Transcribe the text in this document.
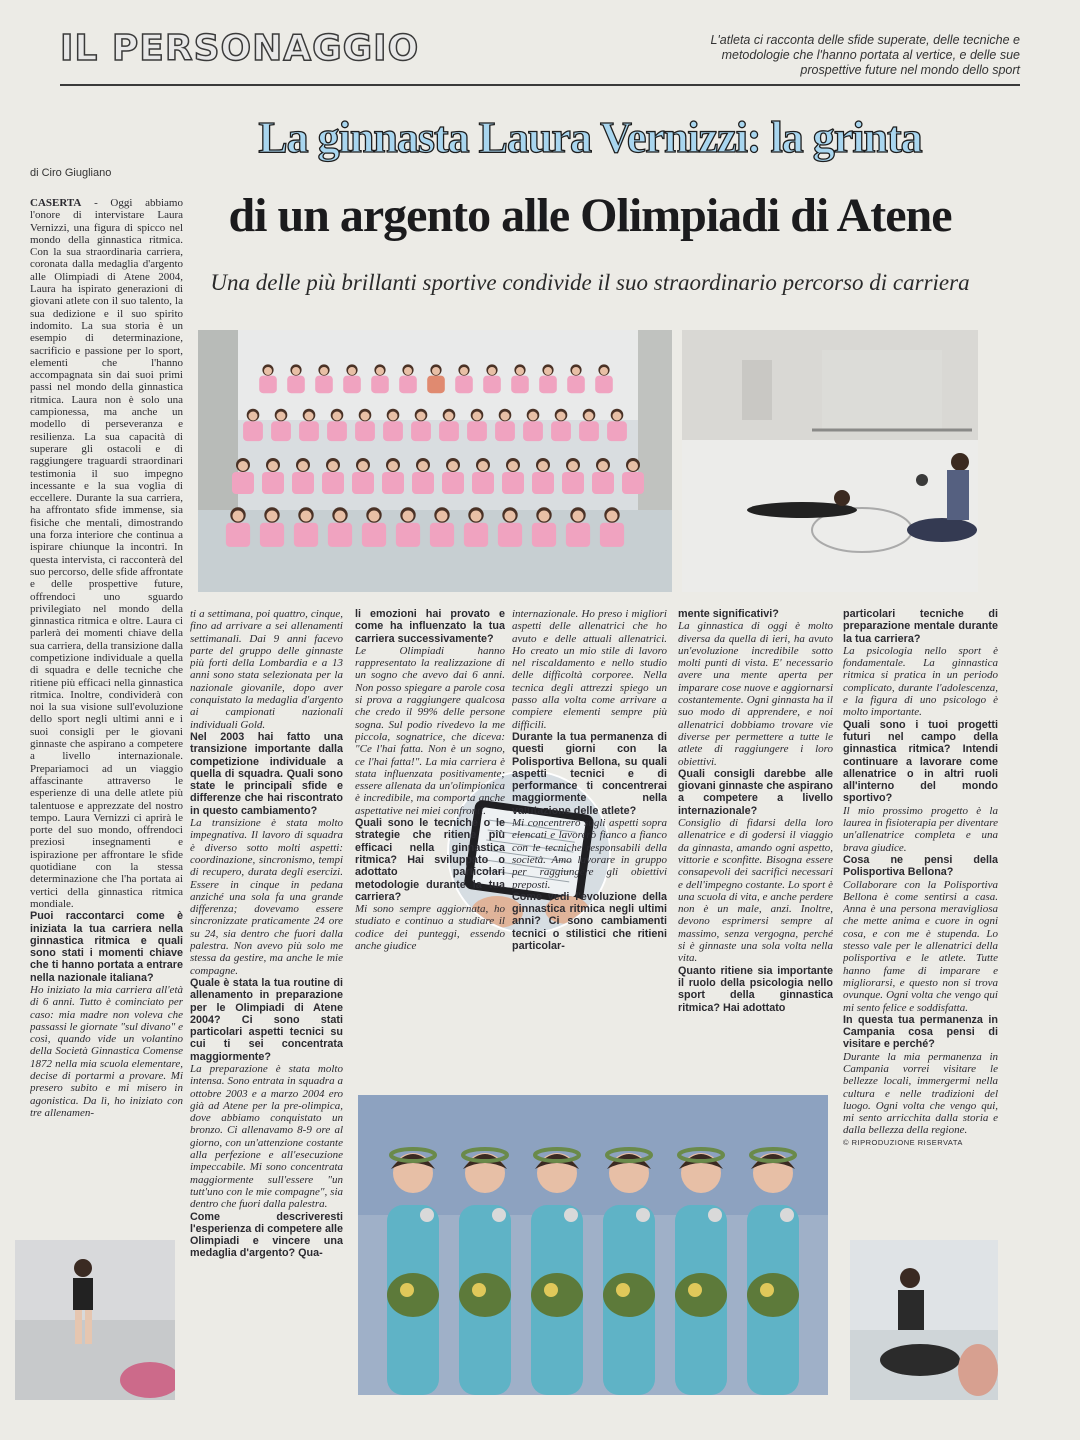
IL PERSONAGGIO	L'atleta ci racconta delle sfide superate, delle tecniche e metodologie che l'hanno portata al vertice, e delle sue prospettive future nel mondo dello sport
di Ciro Giugliano
La ginnasta Laura Vernizzi: la grinta
di un argento alle Olimpiadi di Atene
Una delle più brillanti sportive condivide il suo straordinario percorso di carriera

CASERTA - Oggi abbiamo l'onore di intervistare Laura Vernizzi, una figura di spicco nel mondo della ginnastica ritmica. Con la sua straordinaria carriera, coronata dalla medaglia d'argento alle Olimpiadi di Atene 2004, Laura ha ispirato generazioni di giovani atlete con il suo talento, la sua dedizione e il suo spirito indomito. La sua storia è un esempio di determinazione, sacrificio e passione per lo sport, elementi che l'hanno accompagnata sin dai suoi primi passi nel mondo della ginnastica ritmica. Laura non è solo una campionessa, ma anche un modello di perseveranza e resilienza. La sua capacità di superare gli ostacoli e di raggiungere traguardi straordinari testimonia il suo impegno incessante e la sua voglia di eccellere. Durante la sua carriera, ha affrontato sfide immense, sia fisiche che mentali, dimostrando una forza interiore che continua a ispirare chiunque la incontri. In questa intervista, ci racconterà del suo percorso, delle sfide affrontate e delle prospettive future, offrendoci uno sguardo privilegiato nel mondo della ginnastica ritmica e oltre. Laura ci parlerà dei momenti chiave della sua carriera, della transizione dalla competizione individuale a quella di squadra e delle tecniche che ritiene più efficaci nella ginnastica ritmica. Inoltre, condividerà con noi la sua visione sull'evoluzione dello sport negli ultimi anni e i suoi consigli per le giovani ginnaste che aspirano a competere a livello internazionale. Prepariamoci ad un viaggio affascinante attraverso le esperienze di una delle atlete più talentuose e apprezzate del nostro tempo. Laura Vernizzi ci aprirà le porte del suo mondo, offrendoci preziosi insegnamenti e ispirazione per affrontare le sfide quotidiane con la stessa determinazione che l'ha portata ai vertici della ginnastica ritmica mondiale.

Puoi raccontarci come è iniziata la tua carriera nella ginnastica ritmica e quali sono stati i momenti chiave che ti hanno portata a entrare nella nazionale italiana?

Ho iniziato la mia carriera all'età di 6 anni. Tutto è cominciato per caso: mia madre non voleva che passassi le giornate "sul divano" e così, quando vide un volantino della Società Ginnastica Comense 1872 nella mia scuola elementare, decise di portarmi a provare. Mi presero subito e mi misero in agonistica. Da lì, ho iniziato con tre allenamen-

ti a settimana, poi quattro, cinque, fino ad arrivare a sei allenamenti settimanali. Dai 9 anni facevo parte del gruppo delle ginnaste più forti della Lombardia e a 13 anni sono stata selezionata per la nazionale giovanile, dopo aver conquistato la medaglia d'argento ai campionati nazionali individuali Gold.

Nel 2003 hai fatto una transizione importante dalla competizione individuale a quella di squadra. Quali sono state le principali sfide e differenze che hai riscontrato in questo cambiamento?

La transizione è stata molto impegnativa. Il lavoro di squadra è diverso sotto molti aspetti: coordinazione, sincronismo, tempi di recupero, durata degli esercizi. Essere in cinque in pedana anziché una sola fa una grande differenza; dovevamo essere sincronizzate praticamente 24 ore su 24, sia dentro che fuori dalla palestra. Non avevo più solo me stessa da gestire, ma anche le mie compagne.

Quale è stata la tua routine di allenamento in preparazione per le Olimpiadi di Atene 2004? Ci sono stati particolari aspetti tecnici su cui ti sei concentrata maggiormente?

La preparazione è stata molto intensa. Sono entrata in squadra a ottobre 2003 e a marzo 2004 ero già ad Atene per la pre-olimpica, dove abbiamo conquistato un bronzo. Ci allenavamo 8-9 ore al giorno, con un'attenzione costante alla perfezione e all'esecuzione impeccabile. Mi sono concentrata maggiormente sull'essere "un tutt'uno con le mie compagne", sia dentro che fuori dalla palestra.

Come descriveresti l'esperienza di competere alle Olimpiadi e vincere una medaglia d'argento? Qua-

li emozioni hai provato e come ha influenzato la tua carriera successivamente?

Le Olimpiadi hanno rappresentato la realizzazione di un sogno che avevo dai 6 anni. Non posso spiegare a parole cosa si prova a raggiungere qualcosa che credo il 99% delle persone sogna. Sul podio rivedevo la me piccola, sognatrice, che diceva: "Ce l'hai fatta. Non è un sogno, ce l'hai fatta!". La mia carriera è stata influenzata positivamente; essere allenata da un'olimpionica è incredibile, ma comporta anche aspettative nei miei confronti.

Quali sono le tecniche o le strategie che ritiene più efficaci nella ginnastica ritmica? Hai sviluppato o adottato particolari metodologie durante la tua carriera?

Mi sono sempre aggiornata, ho studiato e continuo a studiare il codice dei punteggi, essendo anche giudice

internazionale. Ho preso i migliori aspetti delle allenatrici che ho avuto e delle attuali allenatrici. Ho creato un mio stile di lavoro nel riscaldamento e nello studio delle difficoltà corporee. Nella tecnica degli attrezzi spiego un passo alla volta come arrivare a compiere elementi sempre più difficili.

Durante la tua permanenza di questi giorni con la Polisportiva Bellona, su quali aspetti tecnici e di performance ti concentrerai maggiormente nella valutazione delle atlete?

Mi concentrerò sugli aspetti sopra elencati e lavorerò fianco a fianco con le tecniche responsabili della società. Amo lavorare in gruppo per raggiungere gli obiettivi preposti.

Come vedi l'evoluzione della ginnastica ritmica negli ultimi anni? Ci sono cambiamenti tecnici o stilistici che ritieni particolar-

mente significativi?

La ginnastica di oggi è molto diversa da quella di ieri, ha avuto un'evoluzione incredibile sotto molti punti di vista. E' necessario avere una mente aperta per imparare cose nuove e aggiornarsi costantemente. Ogni ginnasta ha il suo modo di apprendere, e noi allenatrici dobbiamo trovare vie diverse per permettere a tutte le atlete di raggiungere i loro obiettivi.

Quali consigli darebbe alle giovani ginnaste che aspirano a competere a livello internazionale?

Consiglio di fidarsi della loro allenatrice e di godersi il viaggio da ginnasta, amando ogni aspetto, vittorie e sconfitte. Bisogna essere consapevoli dei sacrifici necessari e dell'impegno costante. Lo sport è una scuola di vita, e anche perdere non è un male, anzi. Inoltre, devono esprimersi sempre al massimo, senza vergogna, perché si è ginnaste una sola volta nella vita.

Quanto ritiene sia importante il ruolo della psicologia nello sport della ginnastica ritmica? Hai adottato

particolari tecniche di preparazione mentale durante la tua carriera?

La psicologia nello sport è fondamentale. La ginnastica ritmica si pratica in un periodo complicato, durante l'adolescenza, e la figura di uno psicologo è molto importante.

Quali sono i tuoi progetti futuri nel campo della ginnastica ritmica? Intendi continuare a lavorare come allenatrice o in altri ruoli all'interno del mondo sportivo?

Il mio prossimo progetto è la laurea in fisioterapia per diventare un'allenatrice completa e una brava giudice.

Cosa ne pensi della Polisportiva Bellona?

Collaborare con la Polisportiva Bellona è come sentirsi a casa. Anna è una persona meravigliosa che mette anima e cuore in ogni cosa, e con me è stupenda. Lo stesso vale per le allenatrici della polisportiva e le atlete. Tutte hanno fame di imparare e migliorarsi, e questo non si trova ovunque. Ogni volta che vengo qui mi sento felice e soddisfatta.

In questa tua permanenza in Campania cosa pensi di visitare e perché?

Durante la mia permanenza in Campania vorrei visitare le bellezze locali, immergermi nella cultura e nelle tradizioni del luogo. Ogni volta che vengo qui, mi sento arricchita dalla storia e dalla bellezza della regione.

© RIPRODUZIONE RISERVATA
